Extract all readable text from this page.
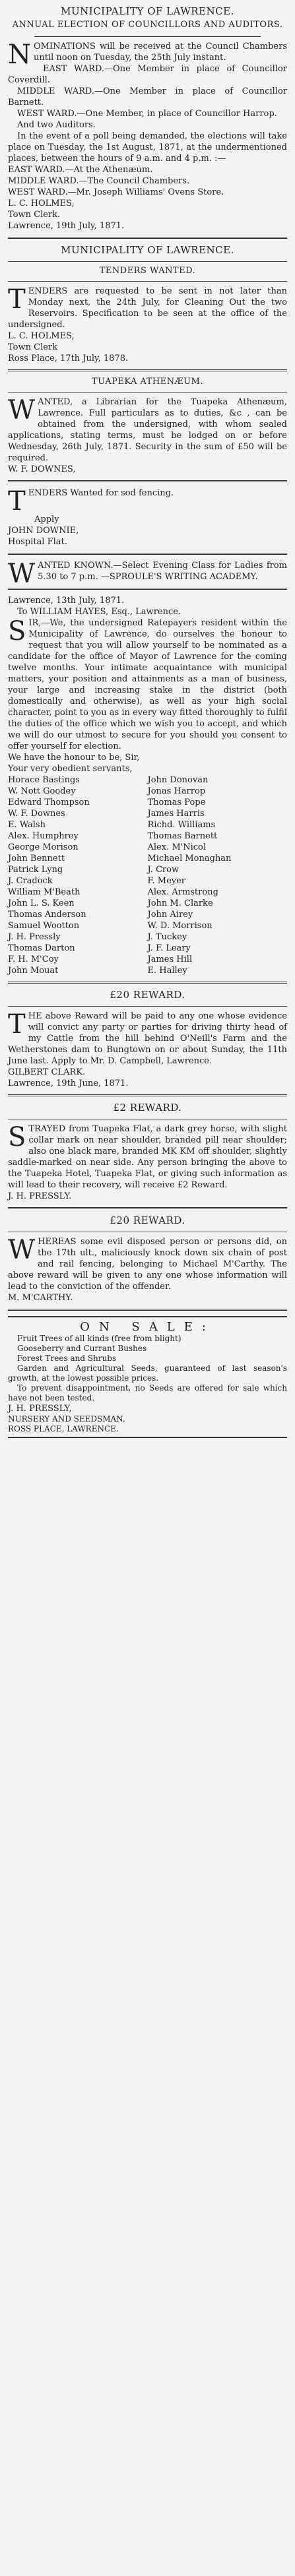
MUNICIPALITY OF LAWRENCE.
ANNUAL ELECTION OF COUNCILLORS AND AUDITORS.

NOMINATIONS will be received at the Council Chambers until noon on Tuesday, the 25th July instant.

EAST WARD.—One Member in place of Councillor Coverdill.

MIDDLE WARD.—One Member in place of Councillor Barnett.

WEST WARD.—One Member, in place of Councillor Harrop.

And two Auditors.

In the event of a poll being demanded, the elections will take place on Tuesday, the 1st August, 1871, at the undermentioned places, between the hours of 9 a.m. and 4 p.m. :—

EAST WARD.—At the Athenæum.

MIDDLE WARD.—The Council Chambers.

WEST WARD.—Mr. Joseph Williams' Ovens Store.

L. C. HOLMES,

Town Clerk.

Lawrence, 19th July, 1871.

MUNICIPALITY OF LAWRENCE.
TENDERS WANTED.

TENDERS are requested to be sent in not later than Monday next, the 24th July, for Cleaning Out the two Reservoirs. Specification to be seen at the office of the undersigned.

L. C. HOLMES,

Town Clerk

Ross Place, 17th July, 1878.

TUAPEKA ATHENÆUM.

WANTED, a Librarian for the Tuapeka Athenæum, Lawrence. Full particulars as to duties, &c , can be obtained from the undersigned, with whom sealed applications, stating terms, must be lodged on or before Wednesday, 26th July, 1871. Security in the sum of £50 will be required.

W. F. DOWNES,

TENDERS Wanted for sod fencing.

Apply

JOHN DOWNIE,

Hospital Flat.

WANTED KNOWN.—Select Evening Class for Ladies from 5.30 to 7 p.m. —SPROULE'S WRITING ACADEMY.

Lawrence, 13th July, 1871.

To WILLIAM HAYES, Esq., Lawrence.

SIR,—We, the undersigned Ratepayers resident within the Municipality of Lawrence, do ourselves the honour to request that you will allow yourself to be nominated as a candidate for the office of Mayor of Lawrence for the coming twelve months. Your intimate acquaintance with municipal matters, your position and attainments as a man of business, your large and increasing stake in the district (both domestically and otherwise), as well as your high social character, point to you as in every way fitted thoroughly to fulfil the duties of the office which we wish you to accept, and which we will do our utmost to secure for you should you consent to offer yourself for election.

We have the honour to be, Sir,

Your very obedient servants,

Horace Bastings
W. Nott Goodey
Edward Thompson
W. F. Downes
E. Walsh
Alex. Humphrey
George Morison
John Bennett
Patrick Lyng
J. Cradock
William M'Beath
John L. S. Keen
Thomas Anderson
Samuel Wootton
J. H. Pressly
Thomas Darton
F. H. M'Coy
John Mouat
John Donovan
Jonas Harrop
Thomas Pope
James Harris
Richd. Williams
Thomas Barnett
Alex. M'Nicol
Michael Monaghan
J. Crow
F. Meyer
Alex. Armstrong
John M. Clarke
John Airey
W. D. Morrison
J. Tuckey
J. F. Leary
James Hill
E. Halley
£20 REWARD.

THE above Reward will be paid to any one whose evidence will convict any party or parties for driving thirty head of my Cattle from the hill behind O'Neill's Farm and the Wetherstones dam to Bungtown on or about Sunday, the 11th June last. Apply to Mr. D. Campbell, Lawrence.

GILBERT CLARK.

Lawrence, 19th June, 1871.

£2 REWARD.

STRAYED from Tuapeka Flat, a dark grey horse, with slight collar mark on near shoulder, branded pill near shoulder; also one black mare, branded MK KM off shoulder, slightly saddle-marked on near side. Any person bringing the above to the Tuapeka Hotel, Tuapeka Flat, or giving such information as will lead to their recovery, will receive £2 Reward.

J. H. PRESSLY.

£20 REWARD.

WHEREAS some evil disposed person or persons did, on the 17th ult., maliciously knock down six chain of post and rail fencing, belonging to Michael M'Carthy. The above reward will be given to any one whose information will lead to the conviction of the offender.

M. M'CARTHY.

ON SALE:

Fruit Trees of all kinds (free from blight)

Gooseberry and Currant Bushes

Forest Trees and Shrubs

Garden and Agricultural Seeds, guaranteed of last season's growth, at the lowest possible prices.

To prevent disappointment, no Seeds are offered for sale which have not been tested.

J. H. PRESSLY,

NURSERY AND SEEDSMAN,

ROSS PLACE, LAWRENCE.
